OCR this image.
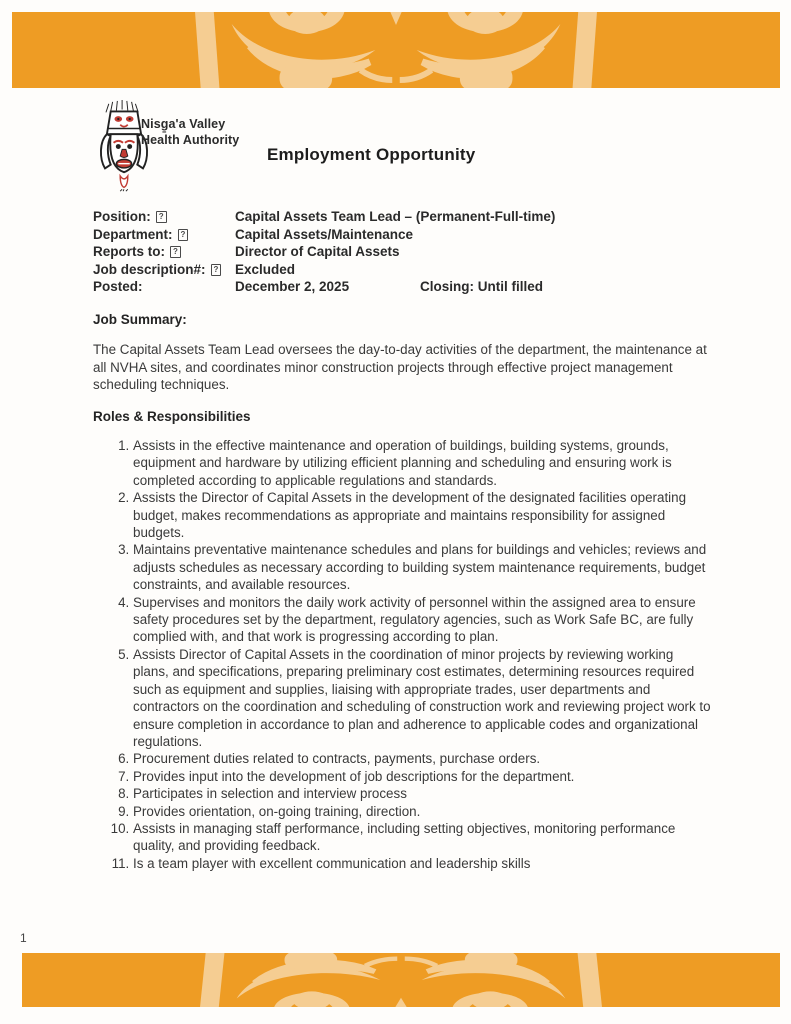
Nisg̱a'a Valley
Health Authority
Employment Opportunity
Position: ?	Capital Assets Team Lead – (Permanent-Full-time)
Department: ?	Capital Assets/Maintenance
Reports to: ?	Director of Capital Assets
Job description#: ?	Excluded
Posted:	December 2, 2025	Closing: Until filled
Job Summary:

The Capital Assets Team Lead oversees the day-to-day activities of the department, the maintenance at all NVHA sites, and coordinates minor construction projects through effective project management scheduling techniques.

Roles & Responsibilities
1. Assists in the effective maintenance and operation of buildings, building systems, grounds, equipment and hardware by utilizing efficient planning and scheduling and ensuring work is completed according to applicable regulations and standards.
2. Assists the Director of Capital Assets in the development of the designated facilities operating budget, makes recommendations as appropriate and maintains responsibility for assigned budgets.
3. Maintains preventative maintenance schedules and plans for buildings and vehicles; reviews and adjusts schedules as necessary according to building system maintenance requirements, budget constraints, and available resources.
4. Supervises and monitors the daily work activity of personnel within the assigned area to ensure safety procedures set by the department, regulatory agencies, such as Work Safe BC, are fully complied with, and that work is progressing according to plan.
5. Assists Director of Capital Assets in the coordination of minor projects by reviewing working plans, and specifications, preparing preliminary cost estimates, determining resources required such as equipment and supplies, liaising with appropriate trades, user departments and contractors on the coordination and scheduling of construction work and reviewing project work to ensure completion in accordance to plan and adherence to applicable codes and organizational regulations.
6. Procurement duties related to contracts, payments, purchase orders.
7. Provides input into the development of job descriptions for the department.
8. Participates in selection and interview process
9. Provides orientation, on-going training, direction.
10. Assists in managing staff performance, including setting objectives, monitoring performance quality, and providing feedback.
11. Is a team player with excellent communication and leadership skills
1
